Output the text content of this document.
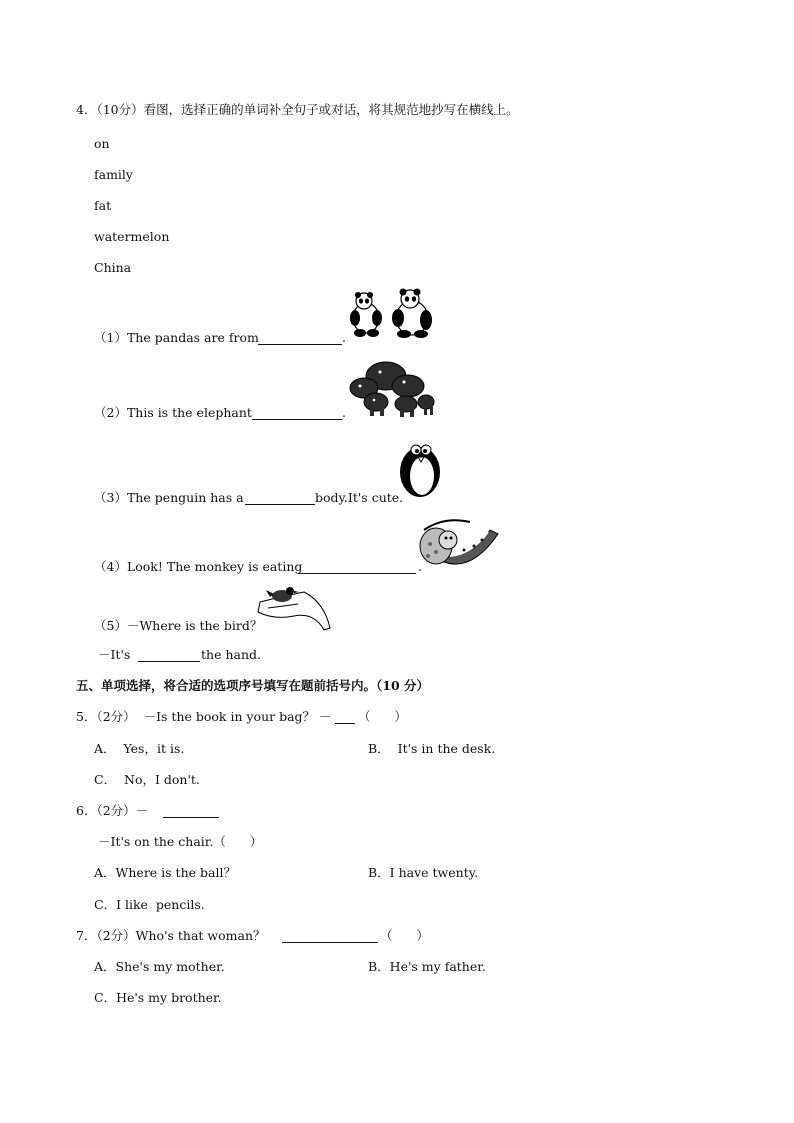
4．（10分）看图，选择正确的单词补全句子或对话，将其规范地抄写在横线上。
on
family
fat
watermelon
China
（1）The pandas are from	.
（2）This is the elephant	.
（3）The penguin has a	body.It's cute.
（4）Look! The monkey is eating	.
（5）－Where is the bird？
－It's	the hand.
五、单项选择，将合适的选项序号填写在题前括号内。（10 分）
5．（2分）  －Is the book in your bag？ － （      ）
A．  Yes，it is.	B．  It's in the desk.
C．  No，I don't.
6．（2分）－
－It's on the chair.（      ）
A．Where is the ball？	B．I have twenty.
C．I like  pencils.
7．（2分）Who's that woman？	（      ）
A．She's my mother.	B．He's my father.
C．He's my brother.
